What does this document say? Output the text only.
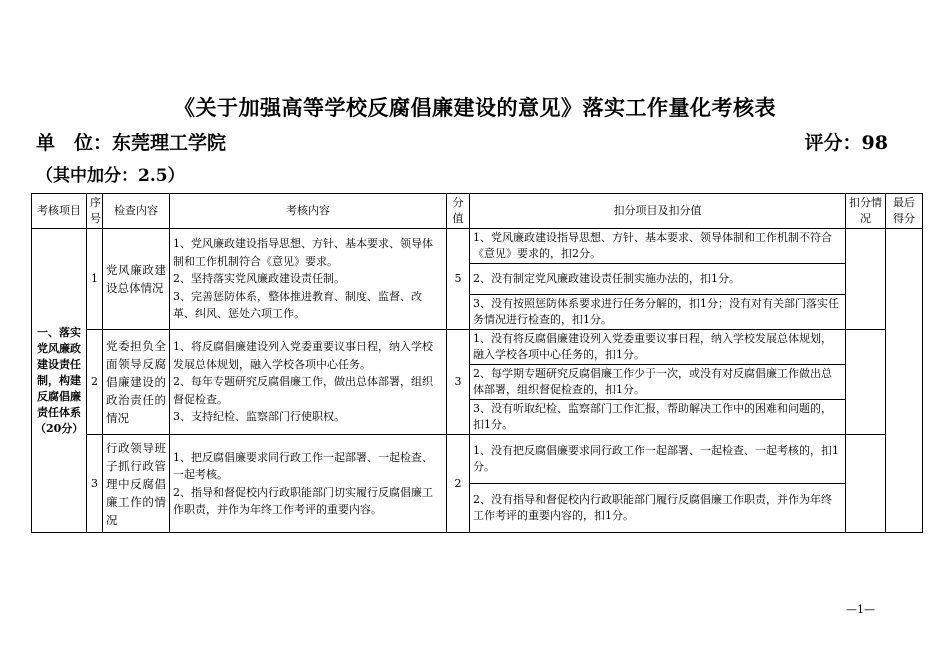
《关于加强高等学校反腐倡廉建设的意见》落实工作量化考核表
单　位：东莞理工学院	评分：98
（其中加分：2.5）
考核项目	序号	检查内容	考核内容	分值	扣分项目及扣分值	扣分情况	最后得分
一、落实党风廉政建设责任制，构建反腐倡廉责任体系（20分）	1	党风廉政建设总体情况	1、党风廉政建设指导思想、方针、基本要求、领导体制和工作机制符合《意见》要求。
2、坚持落实党风廉政建设责任制。
3、完善惩防体系，整体推进教育、制度、监督、改革、纠风、惩处六项工作。	5	1、党风廉政建设指导思想、方针、基本要求、领导体制和工作机制不符合《意见》要求的，扣2分。		
					2、没有制定党风廉政建设责任制实施办法的，扣1分。		
					3、没有按照惩防体系要求进行任务分解的，扣1分；没有对有关部门落实任务情况进行检查的，扣1分。		
	2	党委担负全面领导反腐倡廉建设的政治责任的情况	1、将反腐倡廉建设列入党委重要议事日程，纳入学校发展总体规划，融入学校各项中心任务。
2、每年专题研究反腐倡廉工作，做出总体部署，组织督促检查。
3、支持纪检、监察部门行使职权。	3	1、没有将反腐倡廉建设列入党委重要议事日程，纳入学校发展总体规划，融入学校各项中心任务的，扣1分。		
					2、每学期专题研究反腐倡廉工作少于一次，或没有对反腐倡廉工作做出总体部署，组织督促检查的，扣1分。		
					3、没有听取纪检、监察部门工作汇报，帮助解决工作中的困难和问题的，扣1分。		
	3	行政领导班子抓行政管理中反腐倡廉工作的情况	1、把反腐倡廉要求同行政工作一起部署、一起检查、一起考核。
2、指导和督促校内行政职能部门切实履行反腐倡廉工作职责，并作为年终工作考评的重要内容。	2	1、没有把反腐倡廉要求同行政工作一起部署、一起检查、一起考核的，扣1分。		
					2、没有指导和督促校内行政职能部门履行反腐倡廉工作职责，并作为年终工作考评的重要内容的，扣1分。		
—1—
